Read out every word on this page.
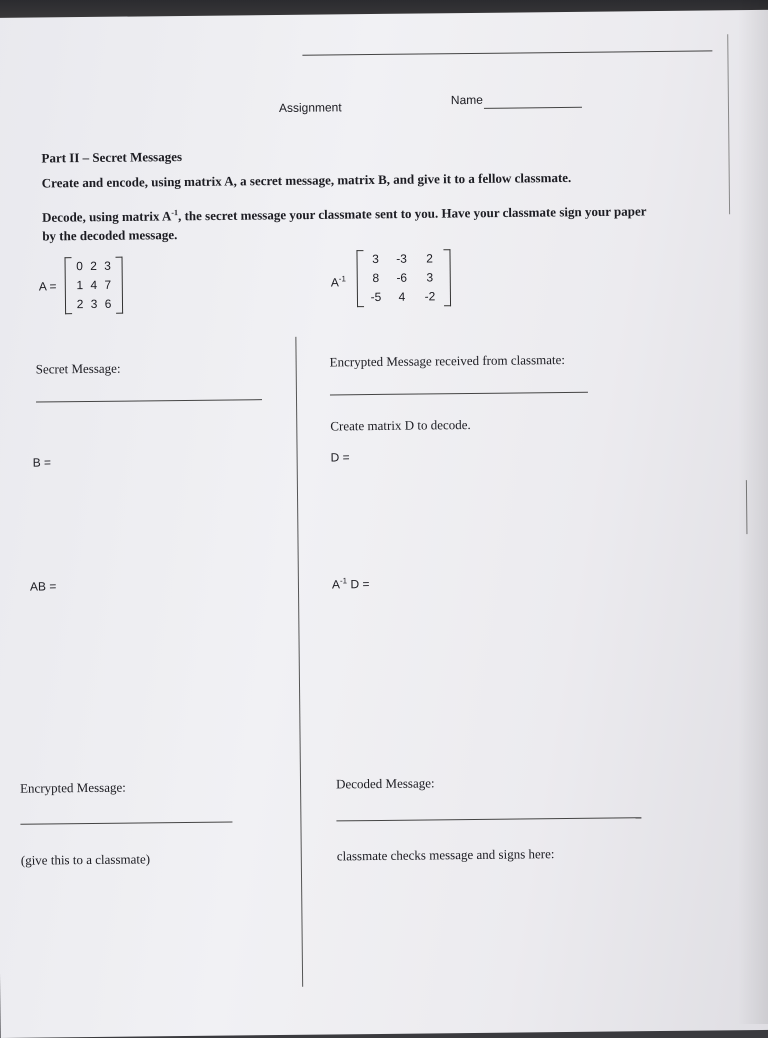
Assignment
Name
Part II – Secret Messages
Create and encode, using matrix A, a secret message, matrix B, and give it to a fellow classmate.
Decode, using matrix $A^{-1}$, the secret message your classmate sent to you. Have your classmate sign your paper
by the decoded message.
A =
0 2 3
1 4 7
2 3 6
$A^{-1}$
3	-3	2
8	-6	3
-5	4	-2
Secret Message:
B =
AB =
Encrypted Message:
(give this to a classmate)
Encrypted Message received from classmate:
Create matrix D to decode.
D =
$A^{-1}$ D =
Decoded Message:
classmate checks message and signs here:
